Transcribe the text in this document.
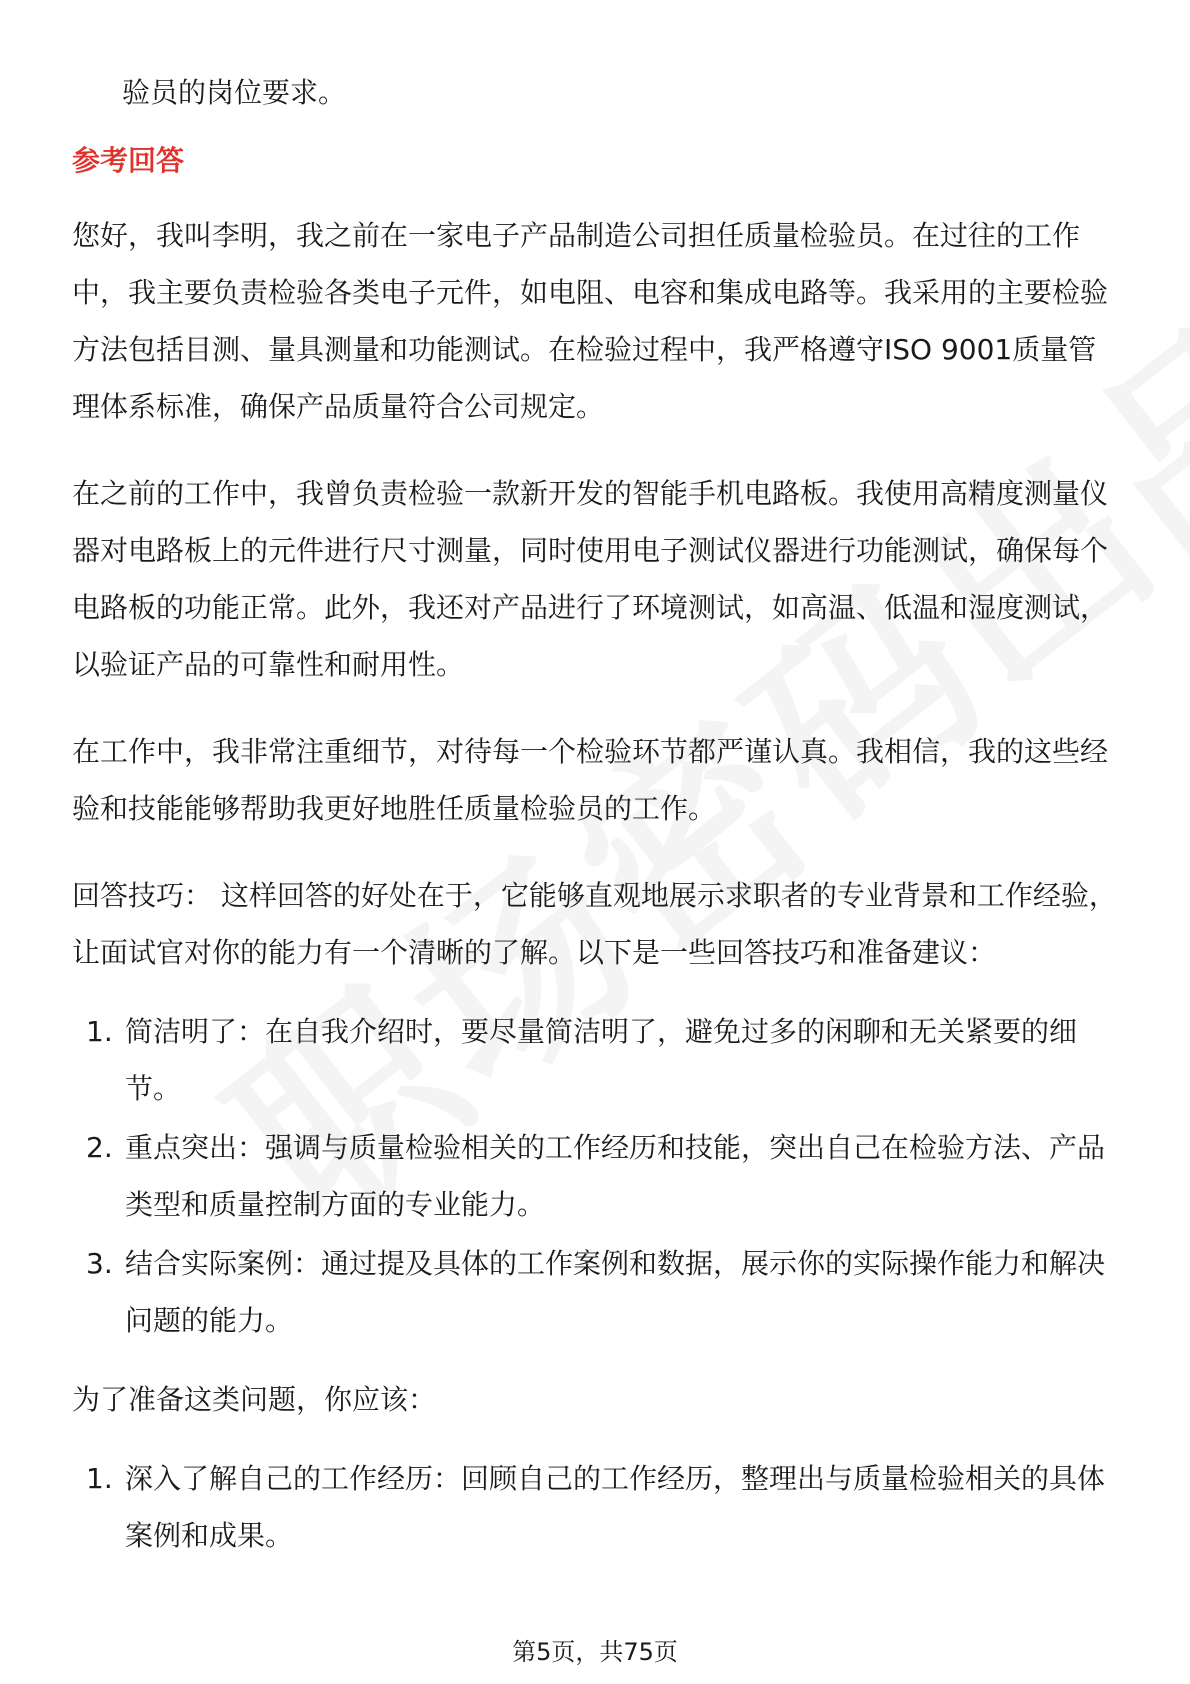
验员的岗位要求。

参考回答

您好，我叫李明，我之前在一家电子产品制造公司担任质量检验员。在过往的工作中，我主要负责检验各类电子元件，如电阻、电容和集成电路等。我采用的主要检验方法包括目测、量具测量和功能测试。在检验过程中，我严格遵守ISO 9001质量管理体系标准，确保产品质量符合公司规定。

在之前的工作中，我曾负责检验一款新开发的智能手机电路板。我使用高精度测量仪器对电路板上的元件进行尺寸测量，同时使用电子测试仪器进行功能测试，确保每个电路板的功能正常。此外，我还对产品进行了环境测试，如高温、低温和湿度测试，以验证产品的可靠性和耐用性。

在工作中，我非常注重细节，对待每一个检验环节都严谨认真。我相信，我的这些经验和技能能够帮助我更好地胜任质量检验员的工作。

回答技巧： 这样回答的好处在于，它能够直观地展示求职者的专业背景和工作经验，让面试官对你的能力有一个清晰的了解。以下是一些回答技巧和准备建议：

1. 简洁明了：在自我介绍时，要尽量简洁明了，避免过多的闲聊和无关紧要的细节。
2. 重点突出：强调与质量检验相关的工作经历和技能，突出自己在检验方法、产品类型和质量控制方面的专业能力。
3. 结合实际案例：通过提及具体的工作案例和数据，展示你的实际操作能力和解决问题的能力。

为了准备这类问题，你应该：

1. 深入了解自己的工作经历：回顾自己的工作经历，整理出与质量检验相关的具体案例和成果。
第5页，共75页
